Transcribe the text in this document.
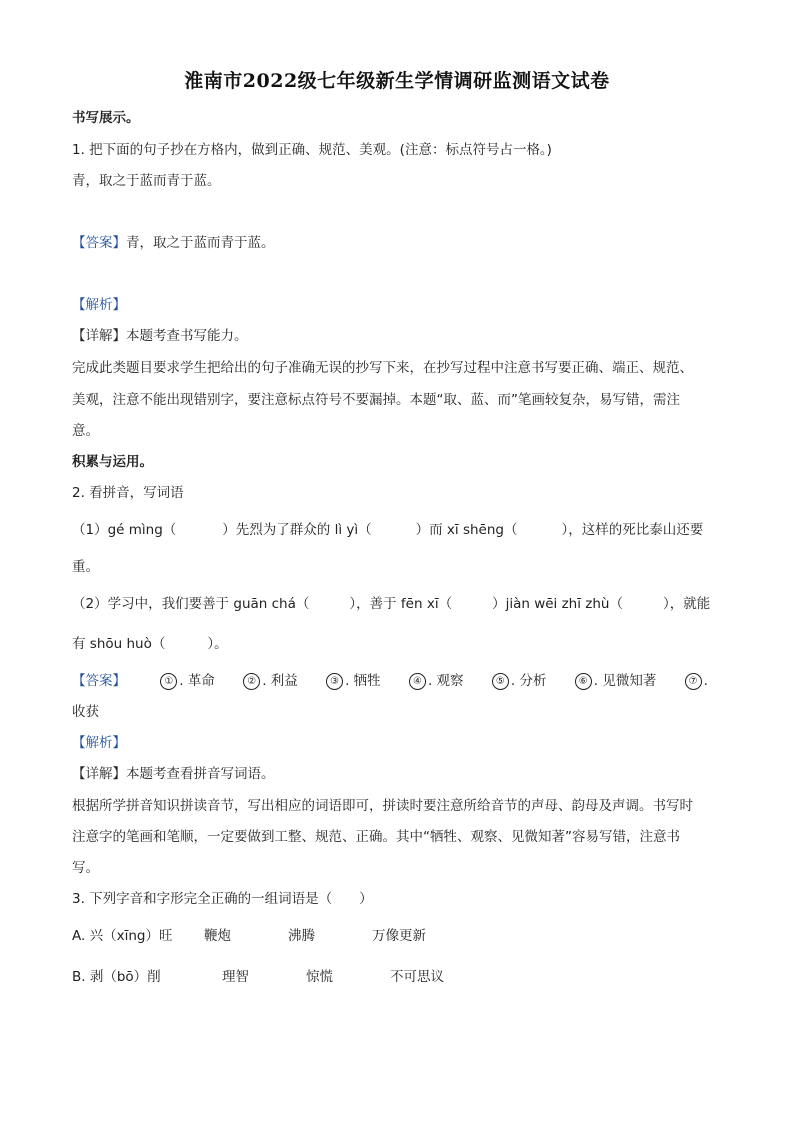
淮南市2022级七年级新生学情调研监测语文试卷
书写展示。
1. 把下面的句子抄在方格内，做到正确、规范、美观。(注意：标点符号占一格。)
青，取之于蓝而青于蓝。
【答案】青，取之于蓝而青于蓝。
【解析】
【详解】本题考查书写能力。
完成此类题目要求学生把给出的句子准确无误的抄写下来，在抄写过程中注意书写要正确、端正、规范、
美观，注意不能出现错别字，要注意标点符号不要漏掉。本题“取、蓝、而”笔画较复杂，易写错，需注
意。
积累与运用。
2. 看拼音，写词语
（1）gé mìng（	）先烈为了群众的 lì yì（	）而 xī shēng（	），这样的死比泰山还要
重。
（2）学习中，我们要善于 guān chá（	），善于 fēn xī（	）jiàn wēi zhī zhù（	），就能
有 shōu huò（	）。
【答案】	① . 革命	② . 利益	③ . 牺牲	④ . 观察	⑤ . 分析	⑥ . 见微知著	⑦ .
收获
【解析】
【详解】本题考查看拼音写词语。
根据所学拼音知识拼读音节，写出相应的词语即可，拼读时要注意所给音节的声母、韵母及声调。书写时
注意字的笔画和笔顺，一定要做到工整、规范、正确。其中“牺牲、观察、见微知著”容易写错，注意书
写。
3. 下列字音和字形完全正确的一组词语是（　　）
A. 兴（xīng）旺 鞭炮	沸腾	万像更新
B. 剥（bō）削	理智	惊慌	不可思议
